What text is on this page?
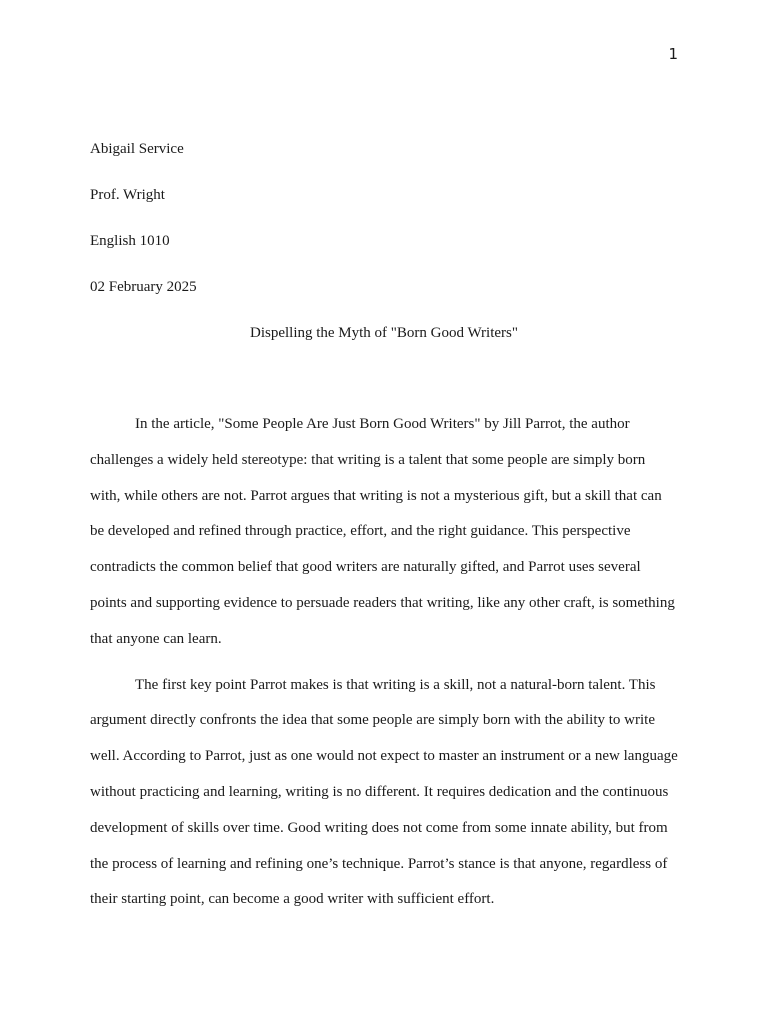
1
Abigail Service
Prof. Wright
English 1010
02 February 2025
Dispelling the Myth of "Born Good Writers"

In the article, "Some People Are Just Born Good Writers" by Jill Parrot, the author challenges a widely held stereotype: that writing is a talent that some people are simply born with, while others are not. Parrot argues that writing is not a mysterious gift, but a skill that can be developed and refined through practice, effort, and the right guidance. This perspective contradicts the common belief that good writers are naturally gifted, and Parrot uses several points and supporting evidence to persuade readers that writing, like any other craft, is something that anyone can learn.

The first key point Parrot makes is that writing is a skill, not a natural-born talent. This argument directly confronts the idea that some people are simply born with the ability to write well. According to Parrot, just as one would not expect to master an instrument or a new language without practicing and learning, writing is no different. It requires dedication and the continuous development of skills over time. Good writing does not come from some innate ability, but from the process of learning and refining one’s technique. Parrot’s stance is that anyone, regardless of their starting point, can become a good writer with sufficient effort.
